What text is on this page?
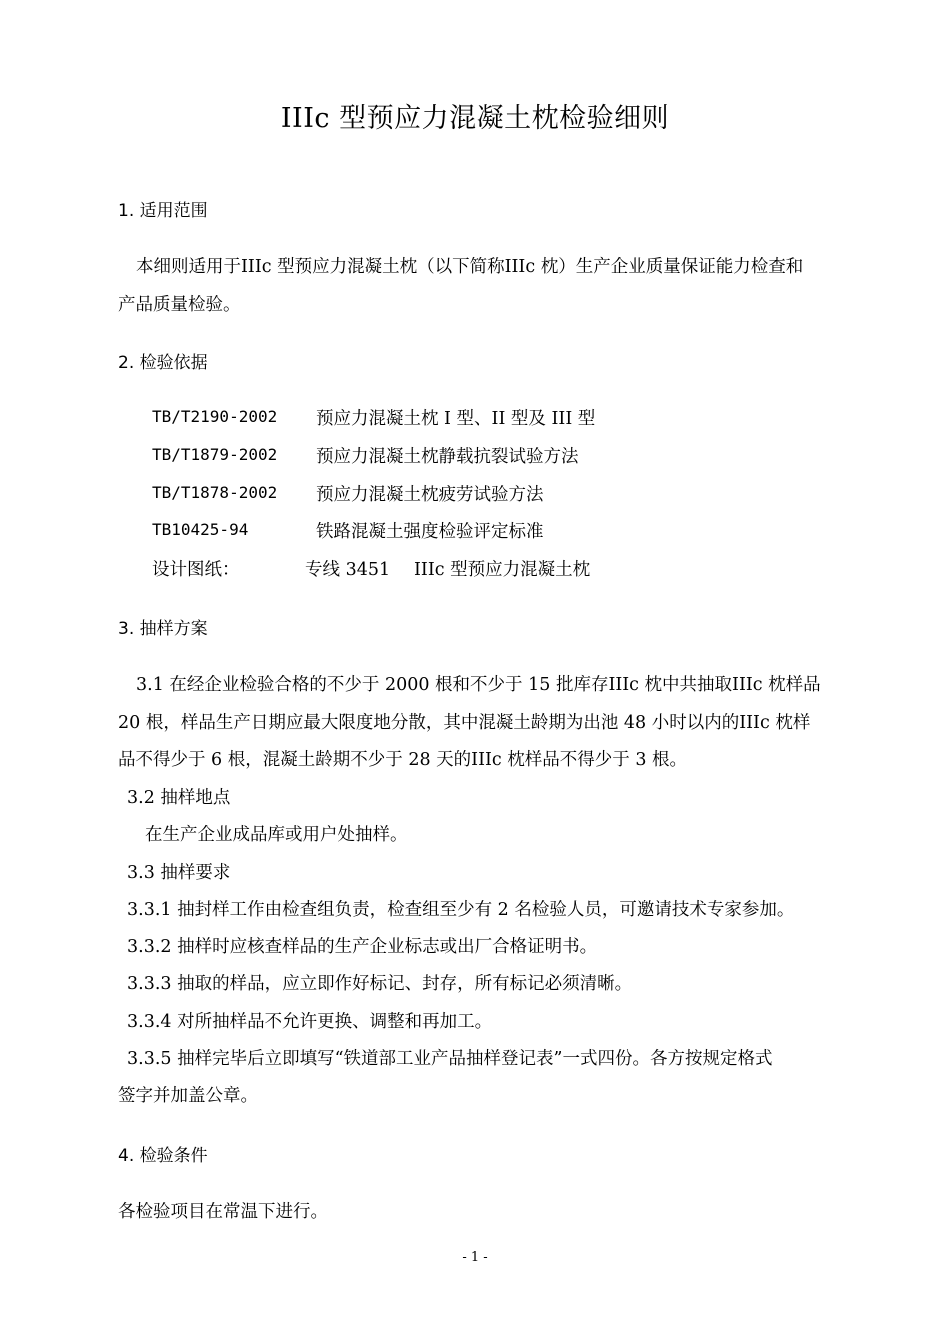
IIIc 型预应力混凝土枕检验细则
1. 适用范围
本细则适用于IIIc 型预应力混凝土枕（以下简称IIIc 枕）生产企业质量保证能力检查和
产品质量检验。
2. 检验依据
TB/T2190-2002 预应力混凝土枕 I 型、II 型及 III 型
TB/T1879-2002 预应力混凝土枕静载抗裂试验方法
TB/T1878-2002 预应力混凝土枕疲劳试验方法
TB10425-94	铁路混凝土强度检验评定标准
设计图纸：	专线 3451 IIIc 型预应力混凝土枕
3. 抽样方案
3.1 在经企业检验合格的不少于 2000 根和不少于 15 批库存IIIc 枕中共抽取IIIc 枕样品
20 根，样品生产日期应最大限度地分散，其中混凝土龄期为出池 48 小时以内的IIIc 枕样
品不得少于 6 根，混凝土龄期不少于 28 天的IIIc 枕样品不得少于 3 根。
3.2 抽样地点
在生产企业成品库或用户处抽样。
3.3 抽样要求
3.3.1 抽封样工作由检查组负责，检查组至少有 2 名检验人员，可邀请技术专家参加。
3.3.2 抽样时应核查样品的生产企业标志或出厂合格证明书。
3.3.3 抽取的样品，应立即作好标记、封存，所有标记必须清晰。
3.3.4 对所抽样品不允许更换、调整和再加工。
3.3.5 抽样完毕后立即填写“铁道部工业产品抽样登记表”一式四份。各方按规定格式
签字并加盖公章。
4. 检验条件
各检验项目在常温下进行。
- 1 -
